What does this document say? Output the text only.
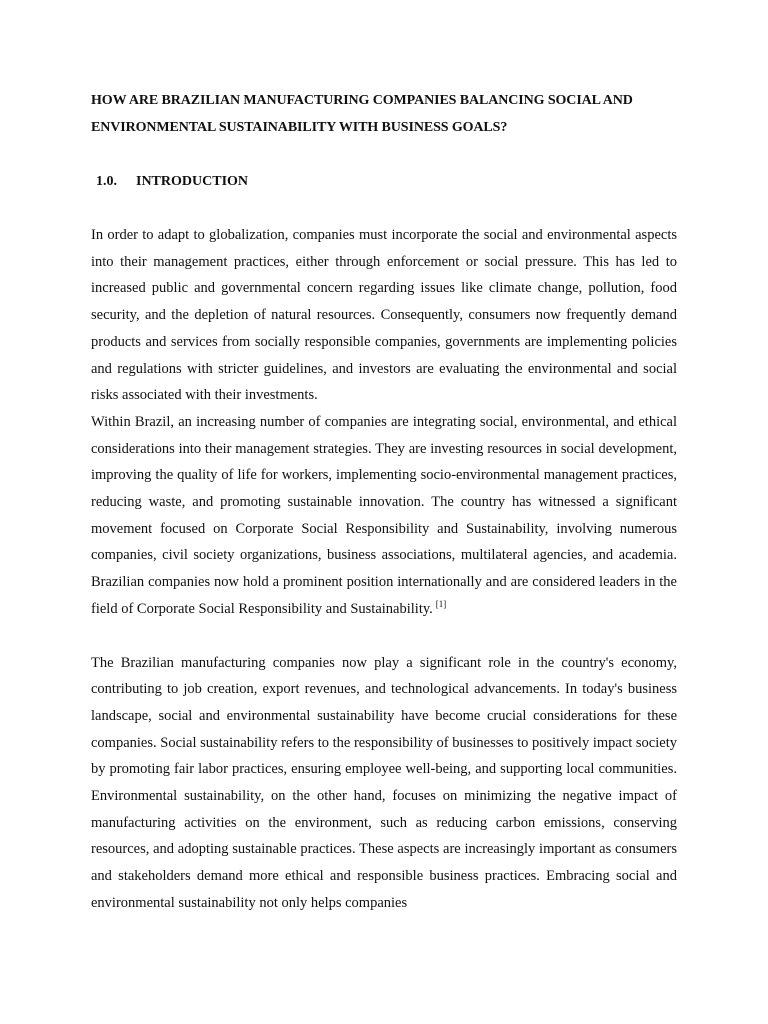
HOW ARE BRAZILIAN MANUFACTURING COMPANIES BALANCING SOCIAL AND ENVIRONMENTAL SUSTAINABILITY WITH BUSINESS GOALS?
1.0.	INTRODUCTION

In order to adapt to globalization, companies must incorporate the social and environmental aspects into their management practices, either through enforcement or social pressure. This has led to increased public and governmental concern regarding issues like climate change, pollution, food security, and the depletion of natural resources. Consequently, consumers now frequently demand products and services from socially responsible companies, governments are implementing policies and regulations with stricter guidelines, and investors are evaluating the environmental and social risks associated with their investments.

Within Brazil, an increasing number of companies are integrating social, environmental, and ethical considerations into their management strategies. They are investing resources in social development, improving the quality of life for workers, implementing socio-environmental management practices, reducing waste, and promoting sustainable innovation. The country has witnessed a significant movement focused on Corporate Social Responsibility and Sustainability, involving numerous companies, civil society organizations, business associations, multilateral agencies, and academia. Brazilian companies now hold a prominent position internationally and are considered leaders in the field of Corporate Social Responsibility and Sustainability. [1]

The Brazilian manufacturing companies now play a significant role in the country's economy, contributing to job creation, export revenues, and technological advancements. In today's business landscape, social and environmental sustainability have become crucial considerations for these companies. Social sustainability refers to the responsibility of businesses to positively impact society by promoting fair labor practices, ensuring employee well-being, and supporting local communities. Environmental sustainability, on the other hand, focuses on minimizing the negative impact of manufacturing activities on the environment, such as reducing carbon emissions, conserving resources, and adopting sustainable practices. These aspects are increasingly important as consumers and stakeholders demand more ethical and responsible business practices. Embracing social and environmental sustainability not only helps companies
